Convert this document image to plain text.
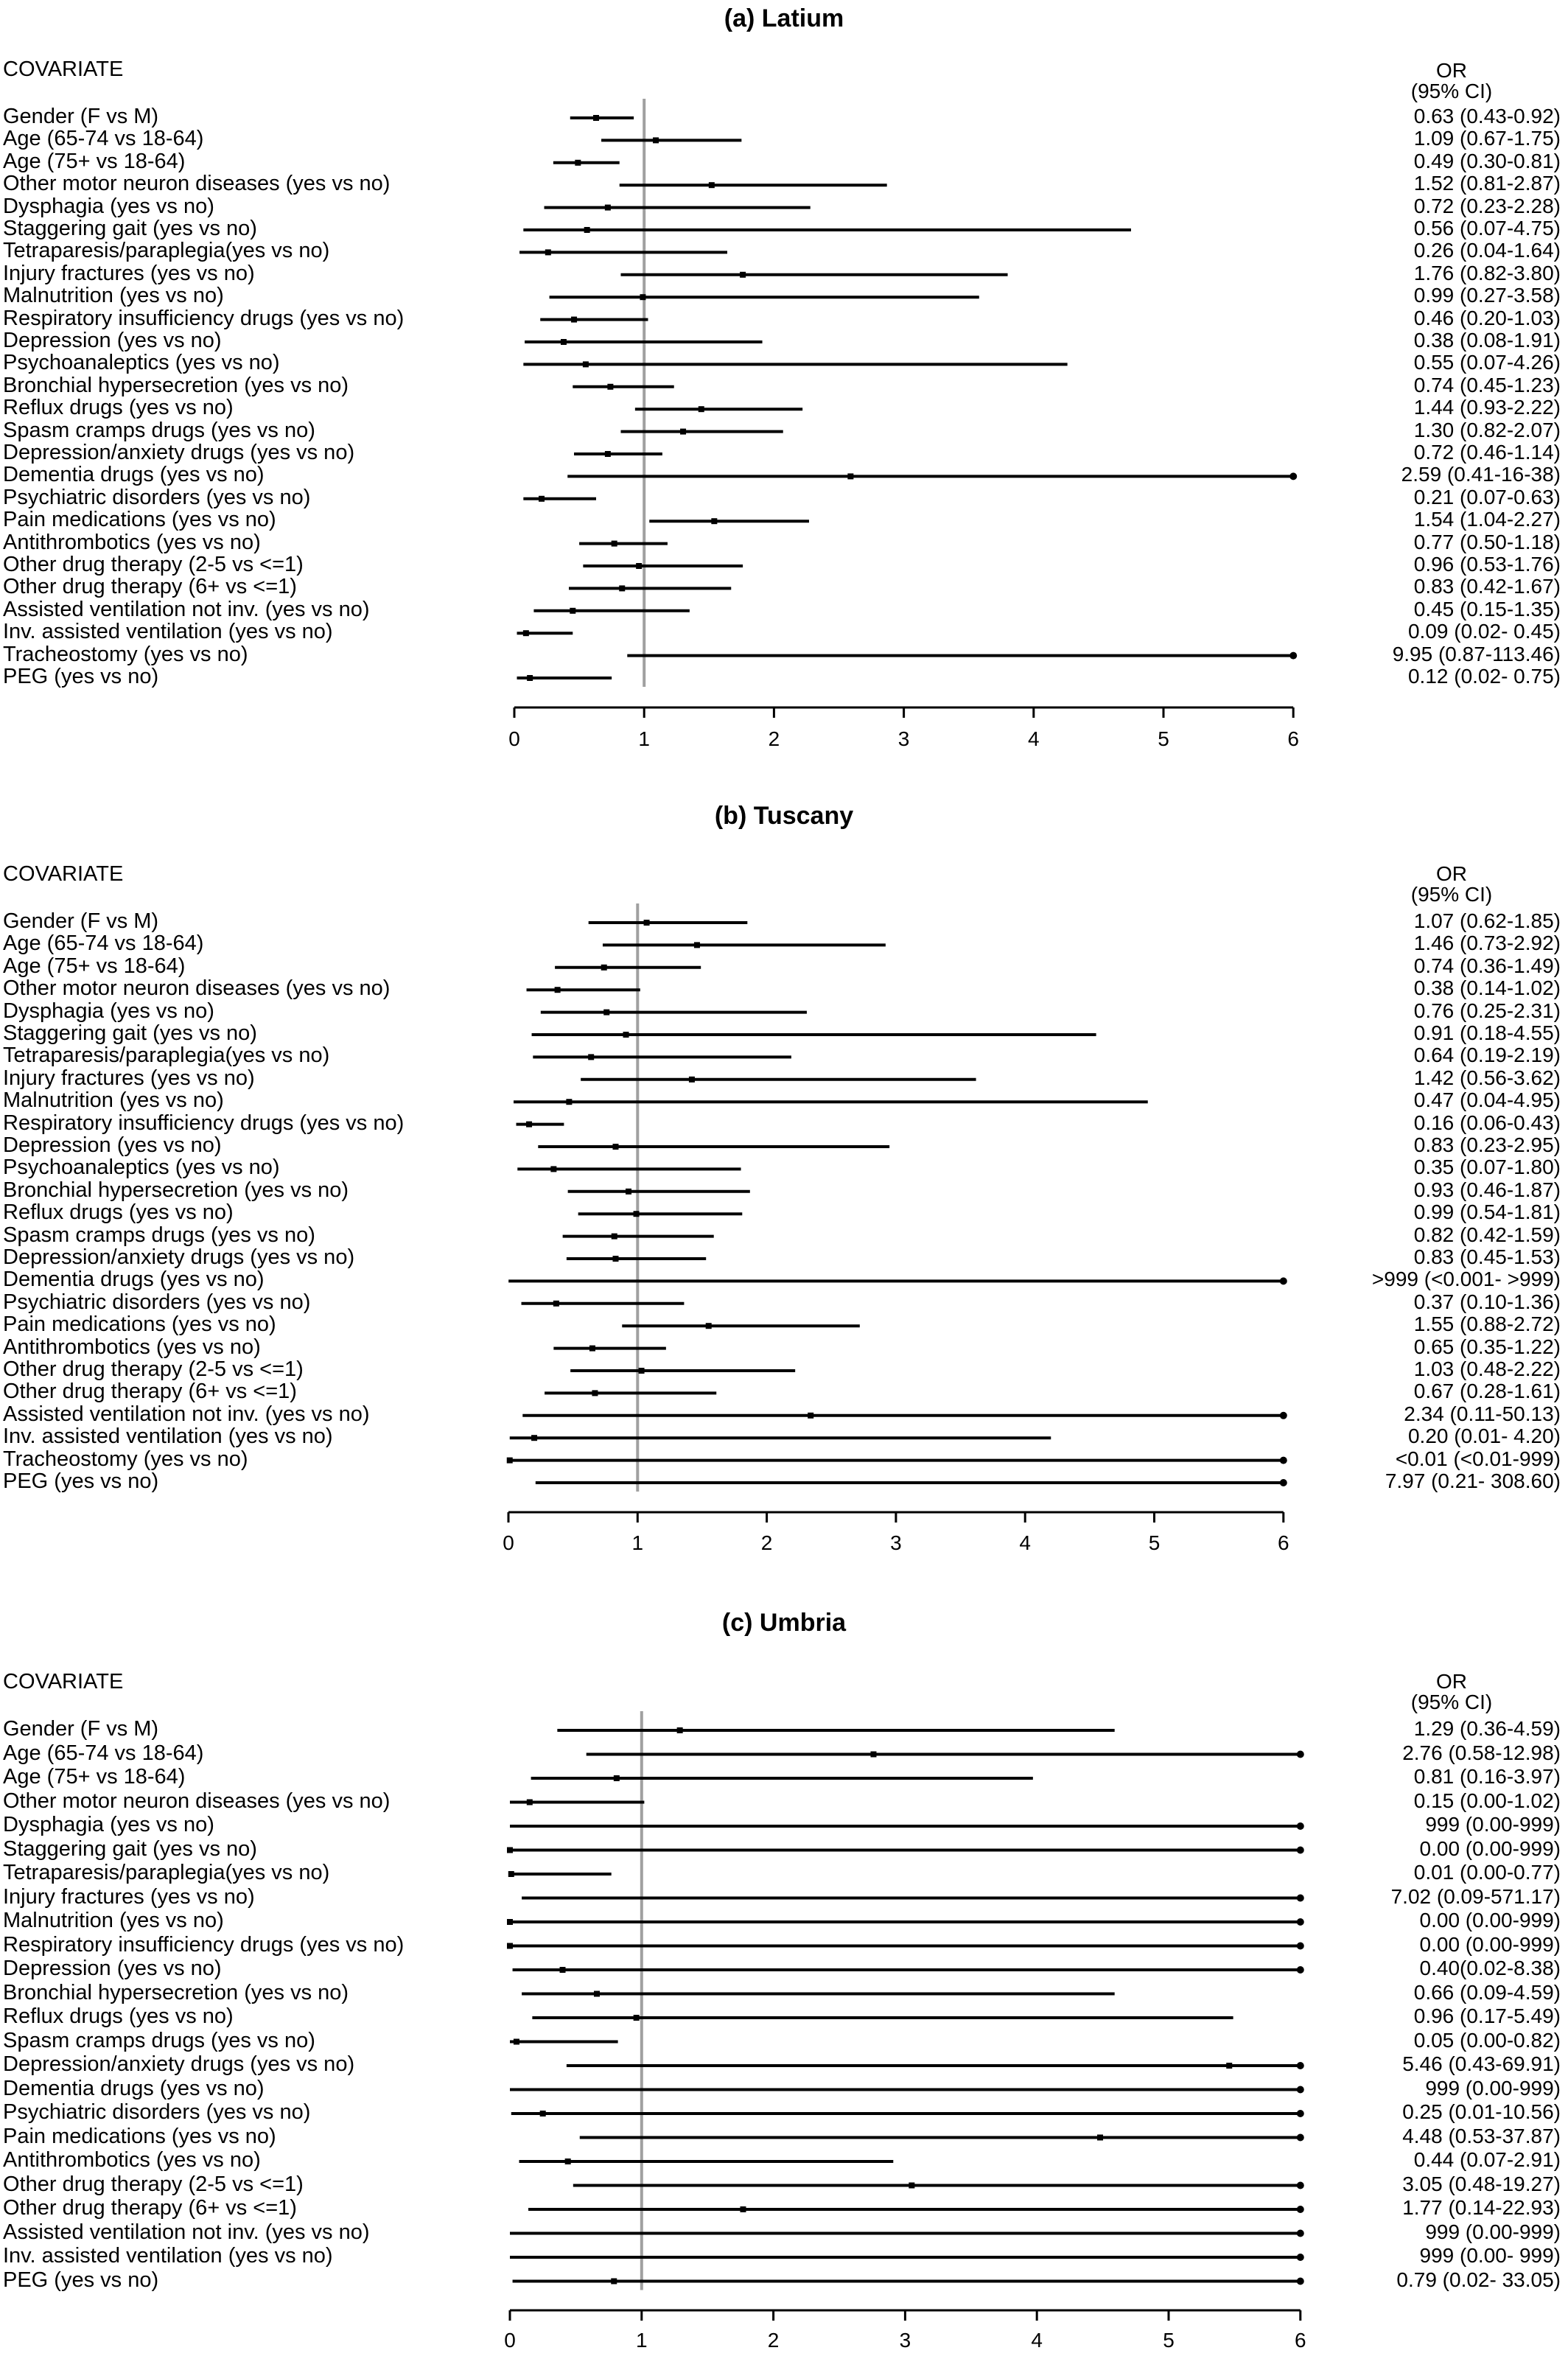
(a) Latium
COVARIATE	OR
(95% CI)
0	1	2	3	4	5	6
Gender (F vs M)	0.63 (0.43-0.92)
Age (65-74 vs 18-64)	1.09 (0.67-1.75)
Age (75+ vs 18-64)	0.49 (0.30-0.81)
Other motor neuron diseases (yes vs no)	1.52 (0.81-2.87)
Dysphagia (yes vs no)	0.72 (0.23-2.28)
Staggering gait (yes vs no)	0.56 (0.07-4.75)
Tetraparesis/paraplegia(yes vs no)	0.26 (0.04-1.64)
Injury fractures (yes vs no)	1.76 (0.82-3.80)
Malnutrition (yes vs no)	0.99 (0.27-3.58)
Respiratory insufficiency drugs (yes vs no)	0.46 (0.20-1.03)
Depression (yes vs no)	0.38 (0.08-1.91)
Psychoanaleptics (yes vs no)	0.55 (0.07-4.26)
Bronchial hypersecretion (yes vs no)	0.74 (0.45-1.23)
Reflux drugs (yes vs no)	1.44 (0.93-2.22)
Spasm cramps drugs (yes vs no)	1.30 (0.82-2.07)
Depression/anxiety drugs (yes vs no)	0.72 (0.46-1.14)
Dementia drugs (yes vs no)	2.59 (0.41-16-38)
Psychiatric disorders (yes vs no)	0.21 (0.07-0.63)
Pain medications (yes vs no)	1.54 (1.04-2.27)
Antithrombotics (yes vs no)	0.77 (0.50-1.18)
Other drug therapy (2-5 vs <=1)	0.96 (0.53-1.76)
Other drug therapy (6+ vs <=1)	0.83 (0.42-1.67)
Assisted ventilation not inv. (yes vs no)	0.45 (0.15-1.35)
Inv. assisted ventilation (yes vs no)	0.09 (0.02- 0.45)
Tracheostomy (yes vs no)	9.95 (0.87-113.46)
PEG (yes vs no)	0.12 (0.02- 0.75)
(b) Tuscany
COVARIATE	OR
(95% CI)
0	1	2	3	4	5	6
Gender (F vs M)	1.07 (0.62-1.85)
Age (65-74 vs 18-64)	1.46 (0.73-2.92)
Age (75+ vs 18-64)	0.74 (0.36-1.49)
Other motor neuron diseases (yes vs no)	0.38 (0.14-1.02)
Dysphagia (yes vs no)	0.76 (0.25-2.31)
Staggering gait (yes vs no)	0.91 (0.18-4.55)
Tetraparesis/paraplegia(yes vs no)	0.64 (0.19-2.19)
Injury fractures (yes vs no)	1.42 (0.56-3.62)
Malnutrition (yes vs no)	0.47 (0.04-4.95)
Respiratory insufficiency drugs (yes vs no)	0.16 (0.06-0.43)
Depression (yes vs no)	0.83 (0.23-2.95)
Psychoanaleptics (yes vs no)	0.35 (0.07-1.80)
Bronchial hypersecretion (yes vs no)	0.93 (0.46-1.87)
Reflux drugs (yes vs no)	0.99 (0.54-1.81)
Spasm cramps drugs (yes vs no)	0.82 (0.42-1.59)
Depression/anxiety drugs (yes vs no)	0.83 (0.45-1.53)
Dementia drugs (yes vs no)	>999 (<0.001- >999)
Psychiatric disorders (yes vs no)	0.37 (0.10-1.36)
Pain medications (yes vs no)	1.55 (0.88-2.72)
Antithrombotics (yes vs no)	0.65 (0.35-1.22)
Other drug therapy (2-5 vs <=1)	1.03 (0.48-2.22)
Other drug therapy (6+ vs <=1)	0.67 (0.28-1.61)
Assisted ventilation not inv. (yes vs no)	2.34 (0.11-50.13)
Inv. assisted ventilation (yes vs no)	0.20 (0.01- 4.20)
Tracheostomy (yes vs no)	<0.01 (<0.01-999)
PEG (yes vs no)	7.97 (0.21- 308.60)
(c) Umbria
COVARIATE	OR
(95% CI)
0	1	2	3	4	5	6
Gender (F vs M)	1.29 (0.36-4.59)
Age (65-74 vs 18-64)	2.76 (0.58-12.98)
Age (75+ vs 18-64)	0.81 (0.16-3.97)
Other motor neuron diseases (yes vs no)	0.15 (0.00-1.02)
Dysphagia (yes vs no)	999 (0.00-999)
Staggering gait (yes vs no)	0.00 (0.00-999)
Tetraparesis/paraplegia(yes vs no)	0.01 (0.00-0.77)
Injury fractures (yes vs no)	7.02 (0.09-571.17)
Malnutrition (yes vs no)	0.00 (0.00-999)
Respiratory insufficiency drugs (yes vs no)	0.00 (0.00-999)
Depression (yes vs no)	0.40(0.02-8.38)
Bronchial hypersecretion (yes vs no)	0.66 (0.09-4.59)
Reflux drugs (yes vs no)	0.96 (0.17-5.49)
Spasm cramps drugs (yes vs no)	0.05 (0.00-0.82)
Depression/anxiety drugs (yes vs no)	5.46 (0.43-69.91)
Dementia drugs (yes vs no)	999 (0.00-999)
Psychiatric disorders (yes vs no)	0.25 (0.01-10.56)
Pain medications (yes vs no)	4.48 (0.53-37.87)
Antithrombotics (yes vs no)	0.44 (0.07-2.91)
Other drug therapy (2-5 vs <=1)	3.05 (0.48-19.27)
Other drug therapy (6+ vs <=1)	1.77 (0.14-22.93)
Assisted ventilation not inv. (yes vs no)	999 (0.00-999)
Inv. assisted ventilation (yes vs no)	999 (0.00- 999)
PEG (yes vs no)	0.79 (0.02- 33.05)
